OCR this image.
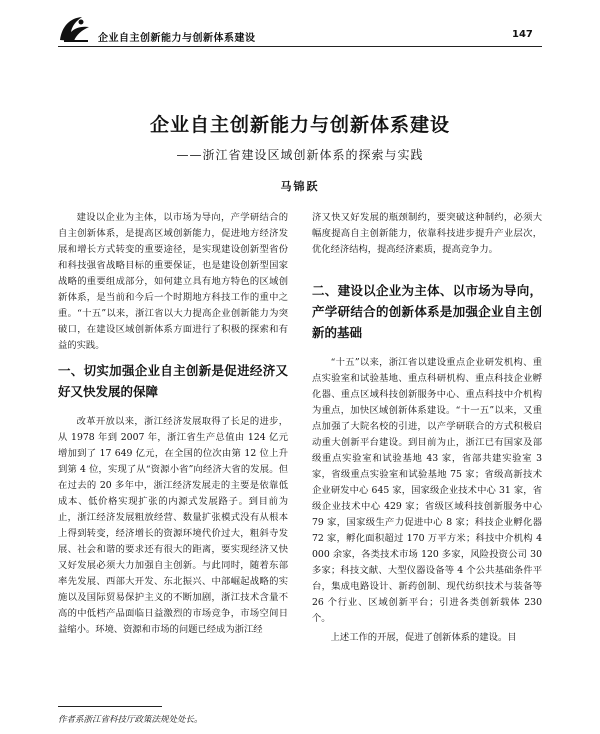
企业自主创新能力与创新体系建设	147
企业自主创新能力与创新体系建设
——浙江省建设区域创新体系的探索与实践
马锦跃

建设以企业为主体，以市场为导向，产学研结合的自主创新体系，是提高区域创新能力，促进地方经济发展和增长方式转变的重要途径，是实现建设创新型省份和科技强省战略目标的重要保证，也是建设创新型国家战略的重要组成部分，如何建立具有地方特色的区域创新体系，是当前和今后一个时期地方科技工作的重中之重。“十五”以来，浙江省以大力提高企业创新能力为突破口，在建设区域创新体系方面进行了积极的探索和有益的实践。

一、切实加强企业自主创新是促进经济又好又快发展的保障

改革开放以来，浙江经济发展取得了长足的进步，从 1978 年到 2007 年，浙江省生产总值由 124 亿元增加到了 17 649 亿元，在全国的位次由第 12 位上升到第 4 位，实现了从“资源小省”向经济大省的发展。但在过去的 20 多年中，浙江经济发展走的主要是依靠低成本、低价格实现扩张的内源式发展路子。到目前为止，浙江经济发展粗放经营、数量扩张模式没有从根本上得到转变，经济增长的资源环境代价过大，粗斜寺发展、社会和谐的要求还有很大的距离，要实现经济又快又好发展必须大力加强自主创新。与此同时，随着东部率先发展、西部大开发、东北振兴、中部崛起战略的实施以及国际贸易保护主义的不断加剧，浙江技术含量不高的中低档产品面临日益激烈的市场竞争，市场空间日益缩小。环境、资源和市场的问题已经成为浙江经

济又快又好发展的瓶颈制约，要突破这种制约，必须大幅度提高自主创新能力，依靠科技进步提升产业层次，优化经济结构，提高经济素质，提高竞争力。

二、建设以企业为主体、以市场为导向，产学研结合的创新体系是加强企业自主创新的基础

“十五”以来，浙江省以建设重点企业研发机构、重点实验室和试验基地、重点科研机构、重点科技企业孵化器、重点区域科技创新服务中心、重点科技中介机构为重点，加快区域创新体系建设。“十一五”以来，又重点加强了大院名校的引进，以产学研联合的方式积极启动重大创新平台建设。到目前为止，浙江已有国家及部级重点实验室和试验基地 43 家，省部共建实验室 3 家，省级重点实验室和试验基地 75 家；省级高新技术企业研发中心 645 家，国家级企业技术中心 31 家，省级企业技术中心 429 家；省级区域科技创新服务中心 79 家，国家级生产力促进中心 8 家；科技企业孵化器 72 家，孵化面积超过 170 万平方米；科技中介机构 4 000 余家，各类技术市场 120 多家，风险投资公司 30 多家；科技文献、大型仪器设备等 4 个公共基础条件平台，集成电路设计、新药创制、现代纺织技术与装备等 26 个行业、区域创新平台；引进各类创新载体 230 个。

上述工作的开展，促进了创新体系的建设。目

作者系浙江省科技厅政策法规处处长。
